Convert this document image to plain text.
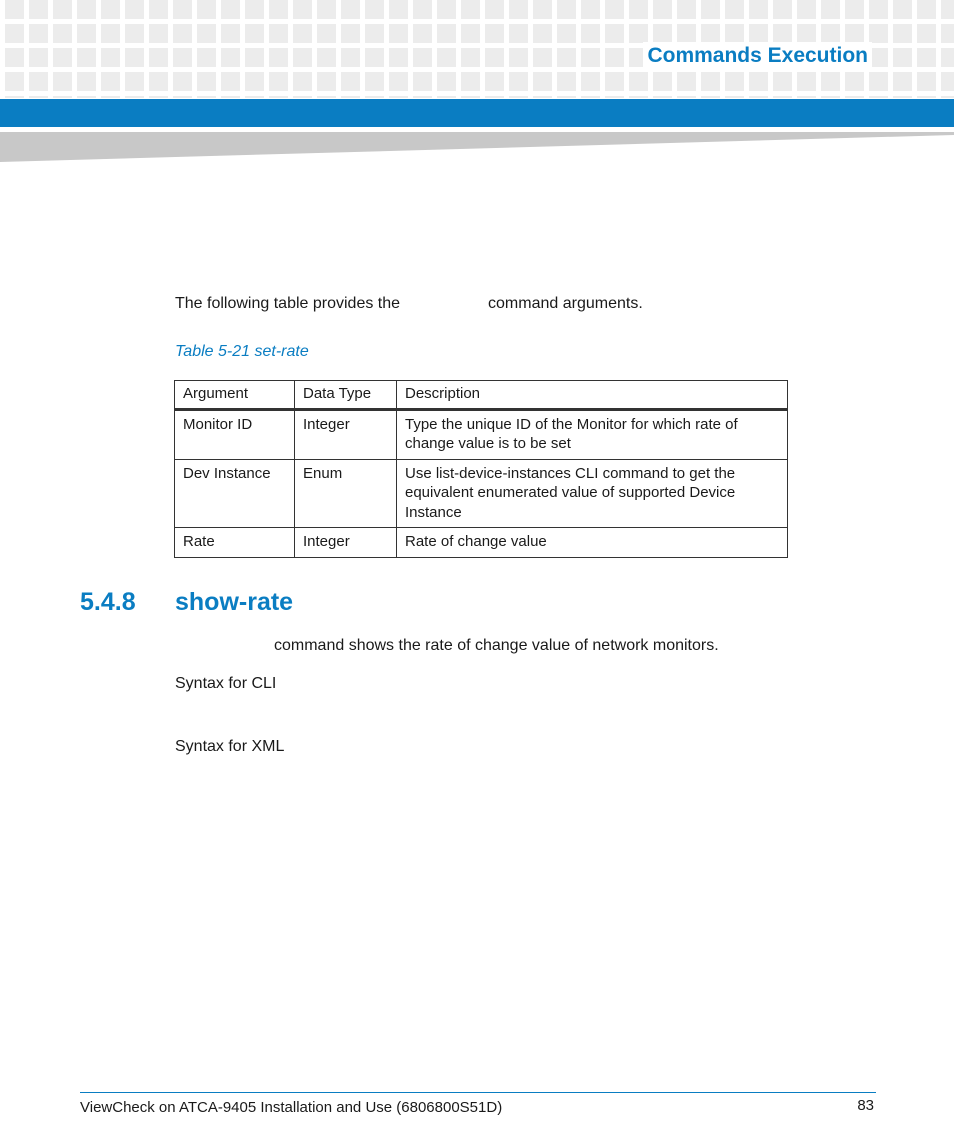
Commands Execution
The following table provides the	command arguments.
Table 5-21 set-rate
Argument	Data Type	Description
Monitor ID	Integer	Type the unique ID of the Monitor for which rate of change value is to be set
Dev Instance	Enum	Use list-device-instances CLI command to get the equivalent enumerated value of supported Device Instance
Rate	Integer	Rate of change value
5.4.8 show-rate
command shows the rate of change value of network monitors.
Syntax for CLI
Syntax for XML
ViewCheck on ATCA-9405 Installation and Use (6806800S51D)	83
